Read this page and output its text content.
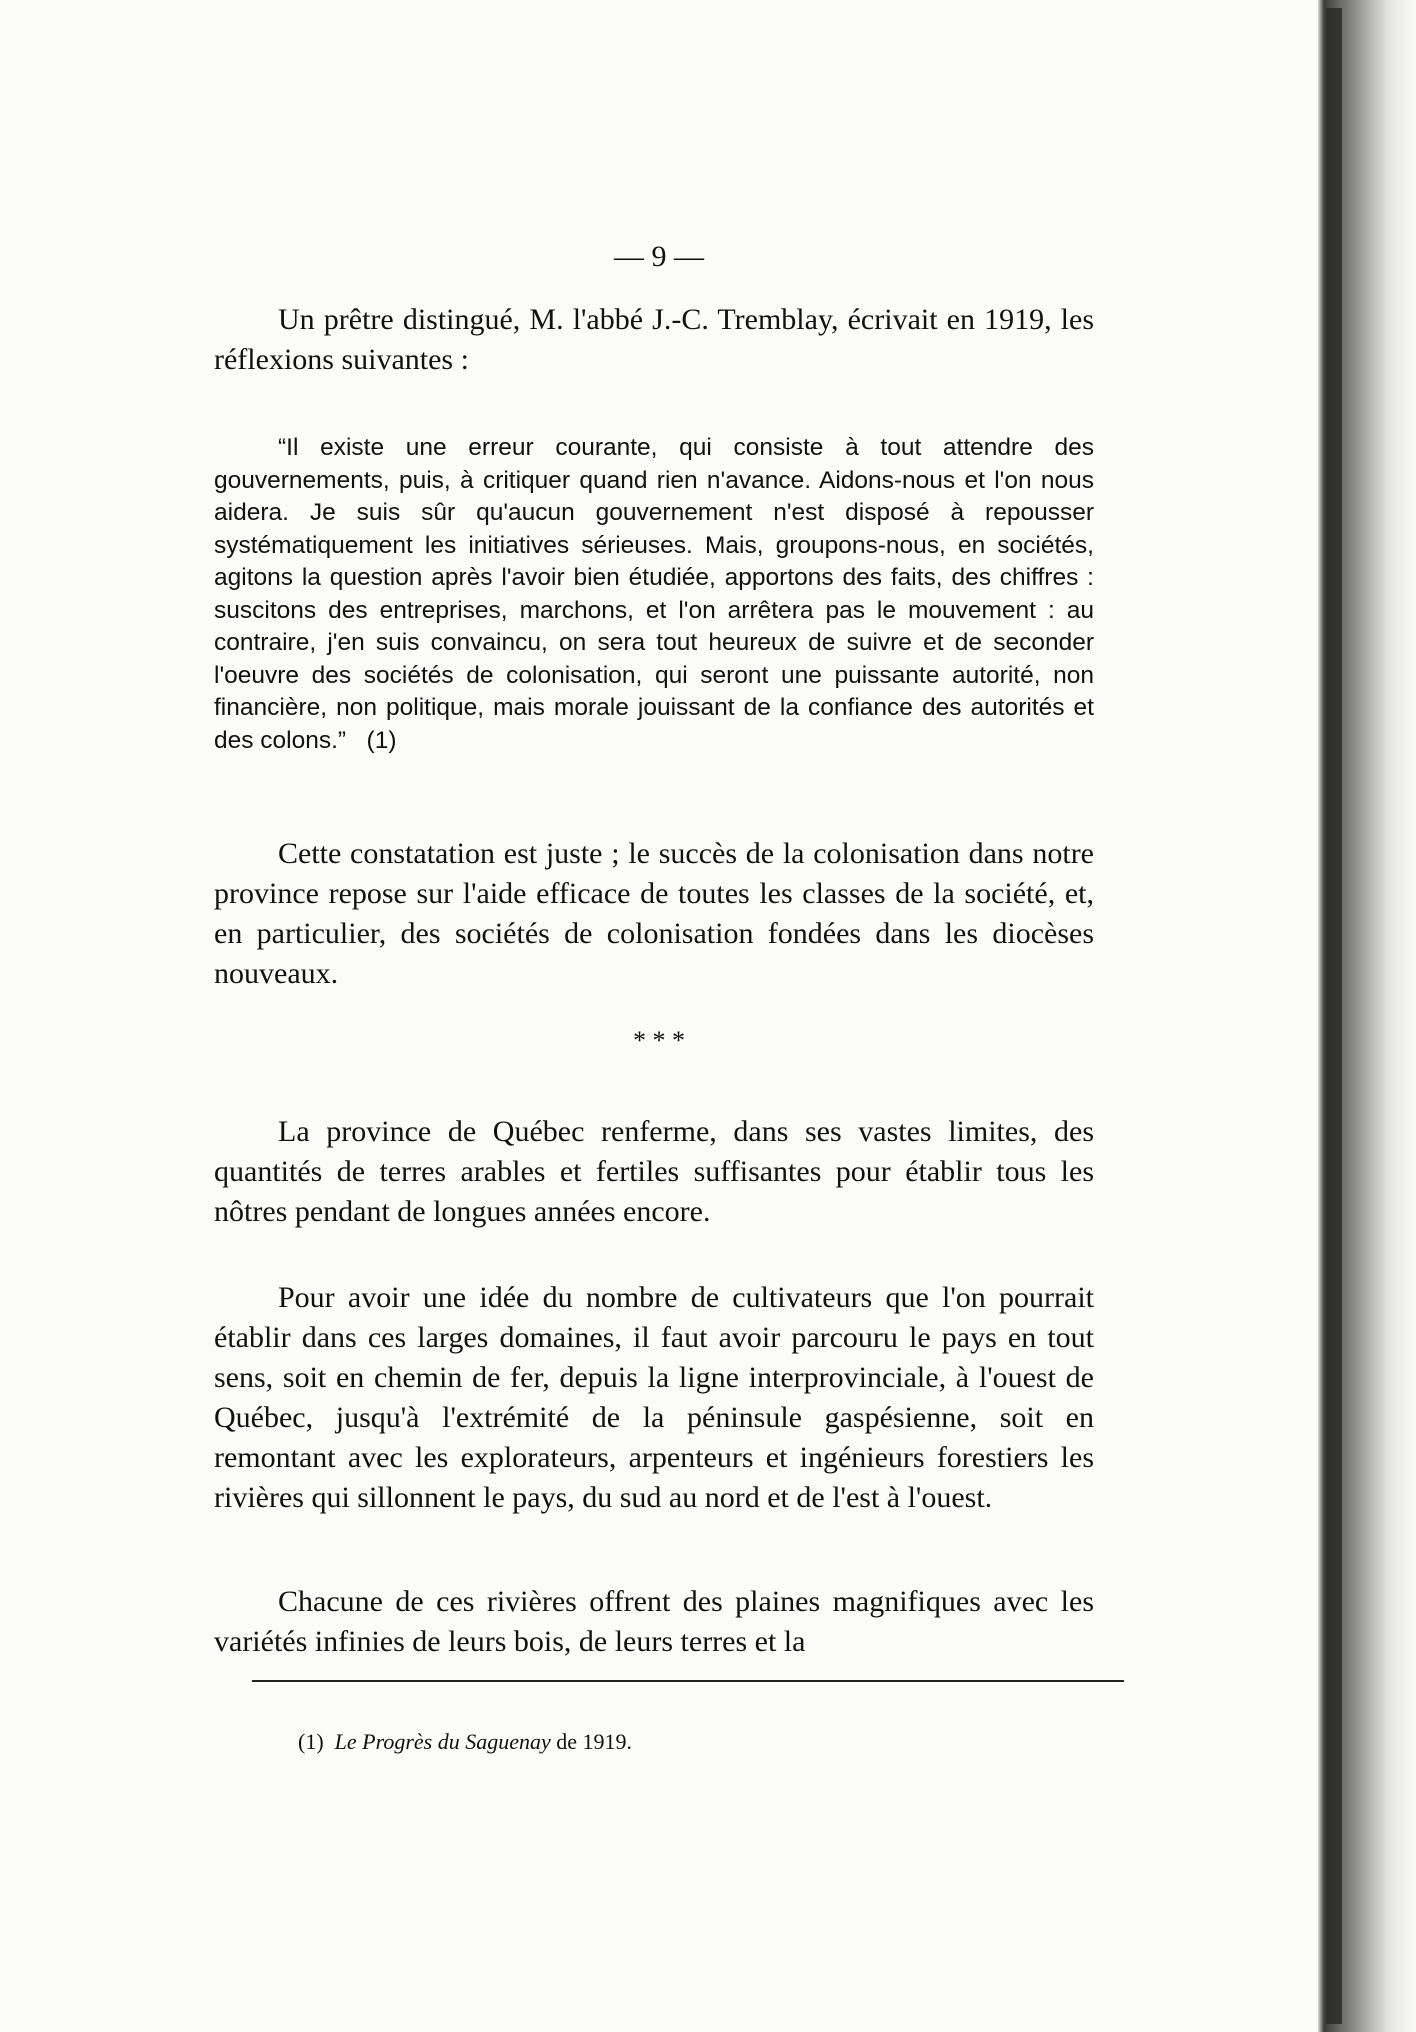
— 9 —

Un prêtre distingué, M. l'abbé J.-C. Tremblay, écrivait en 1919, les réflexions suivantes :

“Il existe une erreur courante, qui consiste à tout attendre des gouvernements, puis, à critiquer quand rien n'avance. Aidons-nous et l'on nous aidera. Je suis sûr qu'aucun gouvernement n'est disposé à repousser systématiquement les initiatives sérieuses. Mais, groupons-nous, en sociétés, agitons la question après l'avoir bien étudiée, apportons des faits, des chiffres : suscitons des entreprises, marchons, et l'on arrêtera pas le mouvement : au contraire, j'en suis convaincu, on sera tout heureux de suivre et de seconder l'oeuvre des sociétés de colonisation, qui seront une puissante autorité, non financière, non politique, mais morale jouissant de la confiance des autorités et des colons.” (1)

Cette constatation est juste ; le succès de la colonisation dans notre province repose sur l'aide efficace de toutes les classes de la société, et, en particulier, des sociétés de colonisation fondées dans les diocèses nouveaux.

* * *

La province de Québec renferme, dans ses vastes limites, des quantités de terres arables et fertiles suffisantes pour établir tous les nôtres pendant de longues années encore.

Pour avoir une idée du nombre de cultivateurs que l'on pourrait établir dans ces larges domaines, il faut avoir parcouru le pays en tout sens, soit en chemin de fer, depuis la ligne interprovinciale, à l'ouest de Québec, jusqu'à l'extrémité de la péninsule gaspésienne, soit en remontant avec les explorateurs, arpenteurs et ingénieurs forestiers les rivières qui sillonnent le pays, du sud au nord et de l'est à l'ouest.

Chacune de ces rivières offrent des plaines magnifiques avec les variétés infinies de leurs bois, de leurs terres et la

(1) Le Progrès du Saguenay de 1919.
